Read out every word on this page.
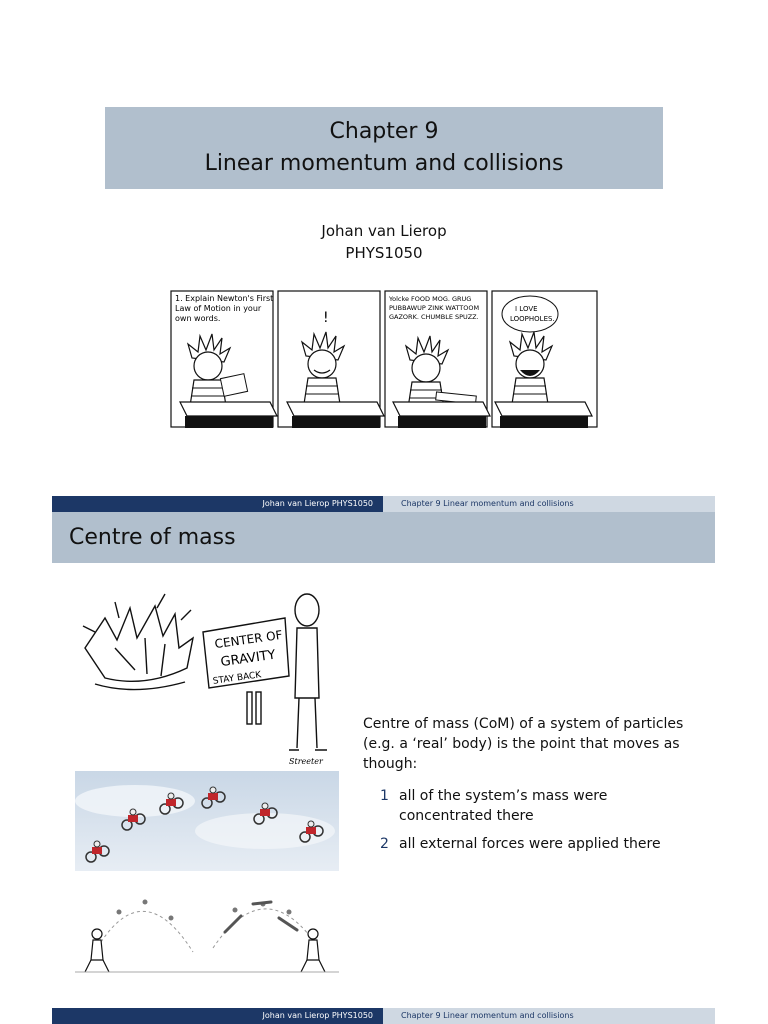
Chapter 9
Linear momentum and collisions
Johan van Lierop
PHYS1050
1. Explain Newton's First
Law of Motion in your
own words.	!
Yolcke FOOD MOG. GRUG
PUBBAWUP ZINK WATTOOM
GAZORK. CHUMBLE SPUZZ.
I LOVE
LOOPHOLES.
Johan van Lierop PHYS1050	Chapter 9 Linear momentum and collisions
Centre of mass
CENTER OF
GRAVITY
STAY BACK
Streeter
Centre of mass (CoM) of a system of particles (e.g. a ‘real’ body) is the point that moves as though:
1 all of the system’s mass were concentrated there
2 all external forces were applied there
Johan van Lierop PHYS1050	Chapter 9 Linear momentum and collisions
